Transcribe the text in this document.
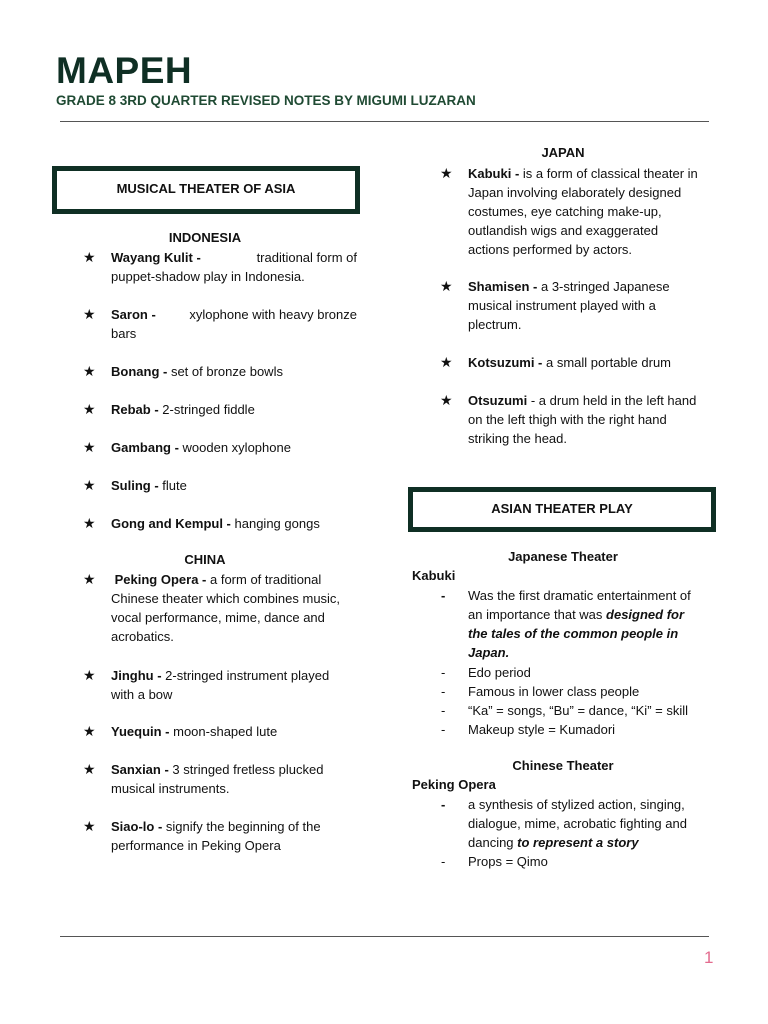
MAPEH
GRADE 8 3RD QUARTER REVISED NOTES BY MIGUMI LUZARAN
MUSICAL THEATER OF ASIA
INDONESIA
★ Wayang Kulit -	traditional form of
puppet-shadow play in Indonesia.
★ Saron -	xylophone with heavy bronze
bars
★ Bonang - set of bronze bowls
★ Rebab - 2-stringed fiddle
★ Gambang - wooden xylophone
★ Suling - flute
★ Gong and Kempul - hanging gongs
CHINA
★ Peking Opera - a form of traditional
Chinese theater which combines music,
vocal performance, mime, dance and
acrobatics.
★ Jinghu - 2-stringed instrument played
with a bow
★ Yuequin - moon-shaped lute
★ Sanxian - 3 stringed fretless plucked
musical instruments.
★ Siao-lo - signify the beginning of the
performance in Peking Opera
JAPAN
★ Kabuki - is a form of classical theater in
Japan involving elaborately designed
costumes, eye catching make-up,
outlandish wigs and exaggerated
actions performed by actors.
★ Shamisen - a 3-stringed Japanese
musical instrument played with a
plectrum.
★ Kotsuzumi - a small portable drum
★ Otsuzumi - a drum held in the left hand
on the left thigh with the right hand
striking the head.
ASIAN THEATER PLAY
Japanese Theater
Kabuki
- Was the first dramatic entertainment of
an importance that was designed for
the tales of the common people in
Japan.
- Edo period
- Famous in lower class people
- “Ka” = songs, “Bu” = dance, “Ki” = skill
- Makeup style = Kumadori
Chinese Theater
Peking Opera
- a synthesis of stylized action, singing,
dialogue, mime, acrobatic fighting and
dancing to represent a story
- Props = Qimo
1
